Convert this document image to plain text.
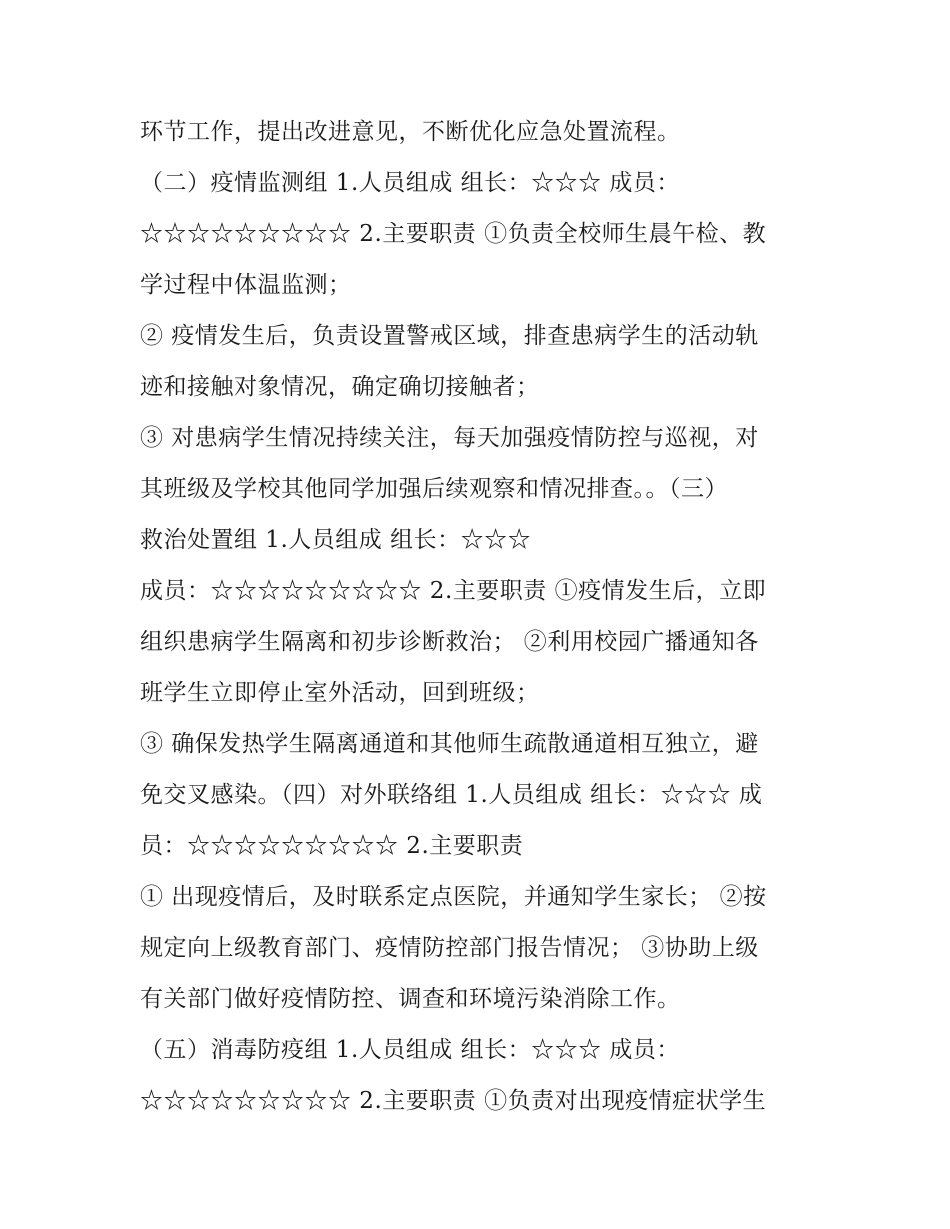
环节工作，提出改进意见，不断优化应急处置流程。
（二）疫情监测组 1.人员组成 组长：☆☆☆ 成员：
☆☆☆☆☆☆☆☆☆ 2.主要职责 ①负责全校师生晨午检、教
学过程中体温监测；
② 疫情发生后，负责设置警戒区域，排查患病学生的活动轨
迹和接触对象情况，确定确切接触者；
③ 对患病学生情况持续关注，每天加强疫情防控与巡视，对
其班级及学校其他同学加强后续观察和情况排查。。（三）
救治处置组 1.人员组成 组长：☆☆☆
成员：☆☆☆☆☆☆☆☆☆ 2.主要职责 ①疫情发生后，立即
组织患病学生隔离和初步诊断救治； ②利用校园广播通知各
班学生立即停止室外活动，回到班级；
③ 确保发热学生隔离通道和其他师生疏散通道相互独立，避
免交叉感染。（四）对外联络组 1.人员组成 组长：☆☆☆ 成
员：☆☆☆☆☆☆☆☆☆ 2.主要职责
① 出现疫情后，及时联系定点医院，并通知学生家长； ②按
规定向上级教育部门、疫情防控部门报告情况； ③协助上级
有关部门做好疫情防控、调查和环境污染消除工作。
（五）消毒防疫组 1.人员组成 组长：☆☆☆ 成员：
☆☆☆☆☆☆☆☆☆ 2.主要职责 ①负责对出现疫情症状学生
